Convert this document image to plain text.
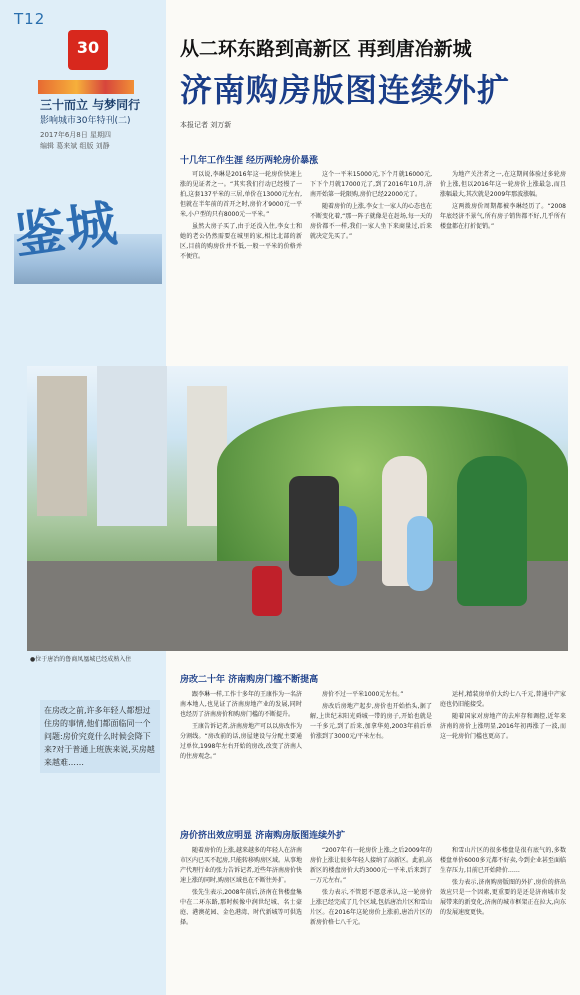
T12
30
三十而立 与梦同行
影响城市30年特刊(二)
2017年6月8日 星期四
编辑 葛来斌 组版 刘静
鉴城
在房改之前,许多年轻人都想过住房的事情,他们都面临同一个问题:房价究竟什么时候会降下来?对于普通上班族来说,买房越来越难……
从二环东路到高新区 再到唐冶新城
济南购房版图连续外扩
本报记者 刘万新
十几年工作生涯 经历两轮房价暴涨

可以说,李琳是2016年这一轮房价快速上涨的见证者之一。“其实我们行动已经慢了一拍,这套137平米的三居,单价在13000元左右,但就在半年前的首开之时,房价才9000元一平米,小户型的只有8000元一平米。”

虽然大房子买了,由于还没入住,李女士和她的老公仍然需要在城里的家,相比北部的新区,目前的购房价并不低,一般一平米的价格并不便宜。

这个一平米15000元,下个月就16000元,下下个月就17000元了,到了2016年10月,济南开始第一轮限购,房价已经22000元了。

随着房价的上涨,李女士一家人的心态也在不断变化着,“那一阵子就像是在赶场,每一天的房价都不一样,我们一家人坐下来商量过,后来就决定先买了。”

为地产关注者之一,在这期间体验过多轮房价上涨,但以2016年这一轮房价上涨最急,而且涨幅最大,其次就是2009年那波涨幅。

这两拨房价周期都被李琳经历了。“2008年底经济不景气,所有房子销售都不好,几乎所有楼盘都在打折促销。”

●位于唐冶的鲁商凤凰城已经成熟入住
房改二十年 济南购房门槛不断提高

跟李琳一样,工作十多年的王康作为一名济南本地人,也见证了济南房地产业的发展,同时也经历了济南房价和购房门槛的不断提升。

王康告诉记者,济南房地产可以以房改作为分割线。“房改前的话,房屋建设与分配主要通过单位,1998年左右开始的房改,改变了济南人的住房观念。”

房价不过一平米1000元左右。”

房改后房地产起步,房价也开始抬头,据了解,上世纪末阳光舜城一带的房子,开始也就是一千多元,到了后来,加拿华苑,2003年前后单价涨到了3000元/平米左右。

运村,精装房单价大约七八千元,普通中产家庭也仍旧能接受。

随着国家对房地产的去库存和调控,近年来济南的房价上涨明显,2016年初再涨了一波,而这一轮房价门槛也更高了。

房价挤出效应明显 济南购房版图连续外扩

随着房价的上涨,越来越多的年轻人在济南市区内已买不起房,只能转移购房区域。从事地产代理行业的张力告诉记者,近些年济南房价快速上涨的同时,购房区域也在不断往外扩。

张先生表示,2008年前后,济南在售楼盘集中在二环东路,那时候像中润世纪城、名士豪庭、港澳花园、金色港湾、时代新城等可供选择。

“2007年有一轮房价上涨,之后2009年的房价上涨让很多年轻人接纳了高新区。此前,高新区的楼盘房价大约3000元一平米,后来到了一万元左右。”

张力表示,不管愿不愿意承认,这一轮房价上涨已经完成了几个区域,包括唐冶片区和雪山片区。在2016年这轮房价上涨前,唐冶片区的新房价格七八千元。

和雪山片区的很多楼盘是很有底气的,多数楼盘单价6000多元都不好卖,今到企业甚至面临生存压力,目前已开始降价……

张力表示,济南购房版图的外扩,房价的挤出效应只是一个因素,更重要的是还是济南城市发展带来的新变化,济南的城市框架正在拉大,向东的发展速度更快。
